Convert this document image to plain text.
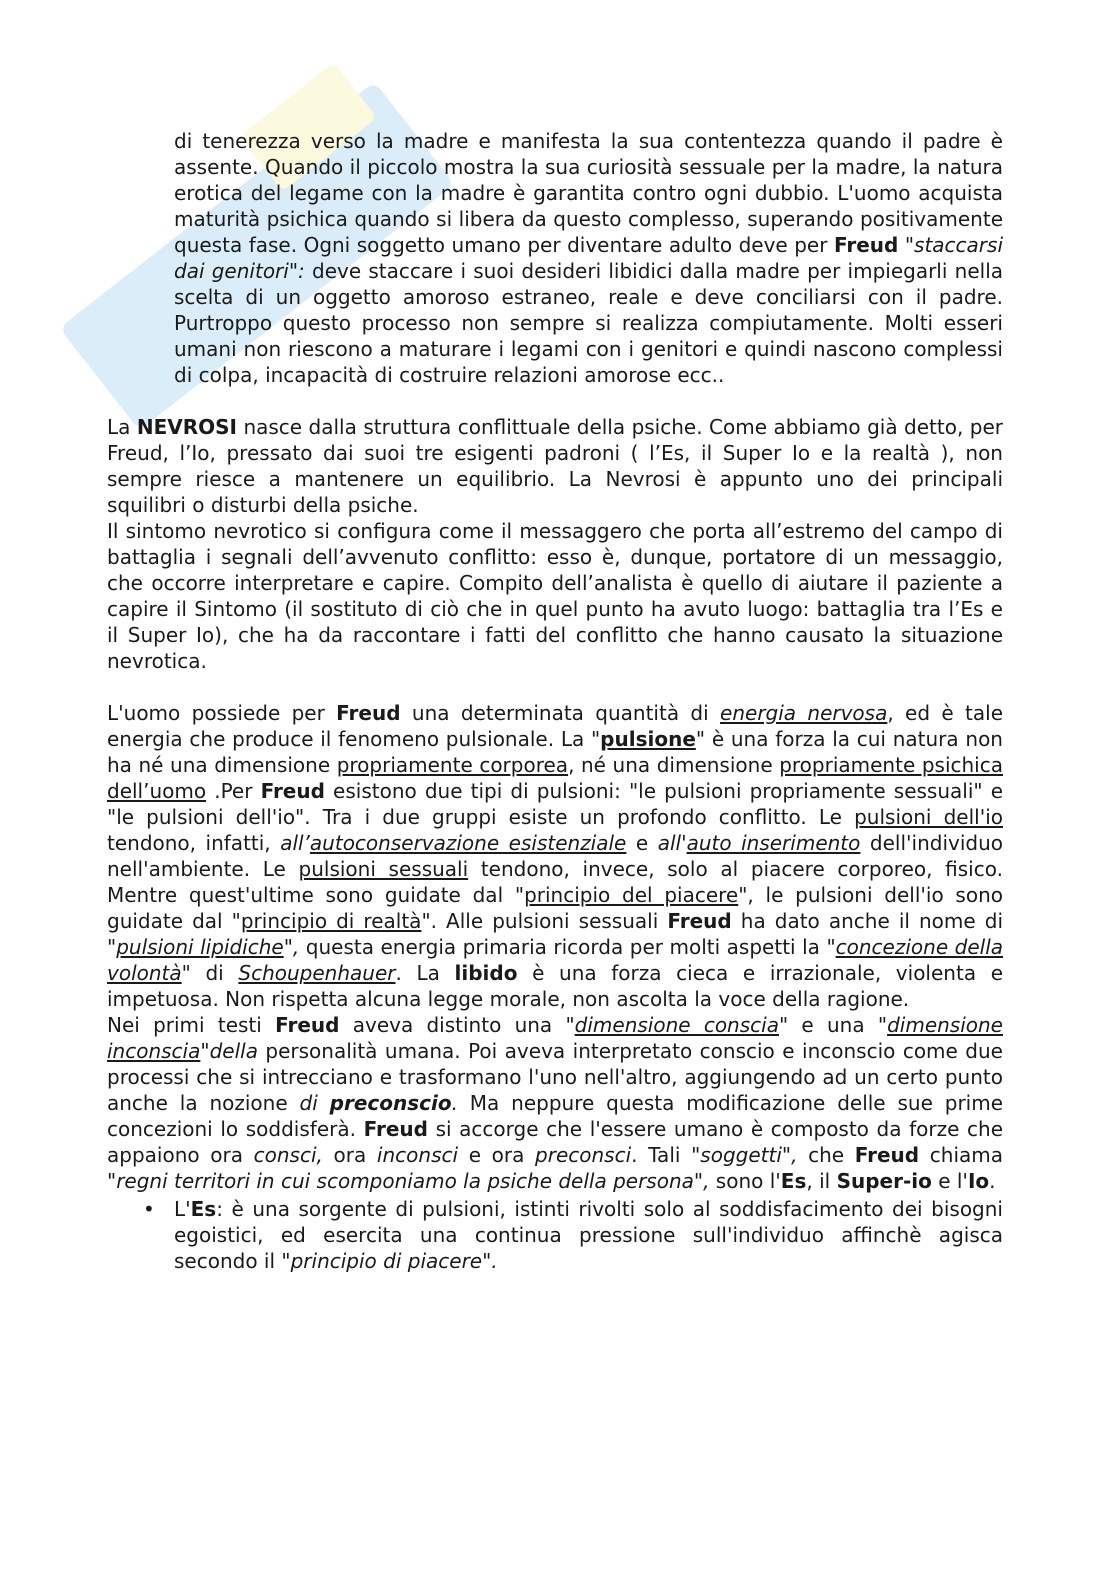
di tenerezza verso la madre e manifesta la sua contentezza quando il padre è assente. Quando il piccolo mostra la sua curiosità sessuale per la madre, la natura erotica del legame con la madre è garantita contro ogni dubbio. L'uomo acquista maturità psichica quando si libera da questo complesso, superando positivamente questa fase. Ogni soggetto umano per diventare adulto deve per Freud "staccarsi dai genitori": deve staccare i suoi desideri libidici dalla madre per impiegarli nella scelta di un oggetto amoroso estraneo, reale e deve conciliarsi con il padre. Purtroppo questo processo non sempre si realizza compiutamente. Molti esseri umani non riescono a maturare i legami con i genitori e quindi nascono complessi di colpa, incapacità di costruire relazioni amorose ecc..

La NEVROSI nasce dalla struttura conflittuale della psiche. Come abbiamo già detto, per Freud, l’Io, pressato dai suoi tre esigenti padroni ( l’Es, il Super Io e la realtà ), non sempre riesce a mantenere un equilibrio. La Nevrosi è appunto uno dei principali squilibri o disturbi della psiche.

Il sintomo nevrotico si configura come il messaggero che porta all’estremo del campo di battaglia i segnali dell’avvenuto conflitto: esso è, dunque, portatore di un messaggio, che occorre interpretare e capire. Compito dell’analista è quello di aiutare il paziente a capire il Sintomo (il sostituto di ciò che in quel punto ha avuto luogo: battaglia tra l’Es e il Super Io), che ha da raccontare i fatti del conflitto che hanno causato la situazione nevrotica.

L'uomo possiede per Freud una determinata quantità di energia nervosa, ed è tale energia che produce il fenomeno pulsionale. La "pulsione" è una forza la cui natura non ha né una dimensione propriamente corporea, né una dimensione propriamente psichica dell’uomo .Per Freud esistono due tipi di pulsioni: "le pulsioni propriamente sessuali" e "le pulsioni dell'io". Tra i due gruppi esiste un profondo conflitto. Le pulsioni dell'io tendono, infatti, all’autoconservazione esistenziale e all'auto inserimento dell'individuo nell'ambiente. Le pulsioni sessuali tendono, invece, solo al piacere corporeo, fisico. Mentre quest'ultime sono guidate dal "principio del piacere", le pulsioni dell'io sono guidate dal "principio di realtà". Alle pulsioni sessuali Freud ha dato anche il nome di "pulsioni lipidiche", questa energia primaria ricorda per molti aspetti la "concezione della volontà" di Schoupenhauer. La libido è una forza cieca e irrazionale, violenta e impetuosa. Non rispetta alcuna legge morale, non ascolta la voce della ragione.

Nei primi testi Freud aveva distinto una "dimensione conscia" e una "dimensione inconscia"della personalità umana. Poi aveva interpretato conscio e inconscio come due processi che si intrecciano e trasformano l'uno nell'altro, aggiungendo ad un certo punto anche la nozione di preconscio. Ma neppure questa modificazione delle sue prime concezioni lo soddisferà. Freud si accorge che l'essere umano è composto da forze che appaiono ora consci, ora inconsci e ora preconsci. Tali "soggetti", che Freud chiama "regni territori in cui scomponiamo la psiche della persona", sono l'Es, il Super-io e l'Io.

• L'Es: è una sorgente di pulsioni, istinti rivolti solo al soddisfacimento dei bisogni egoistici, ed esercita una continua pressione sull'individuo affinchè agisca secondo il "principio di piacere".
